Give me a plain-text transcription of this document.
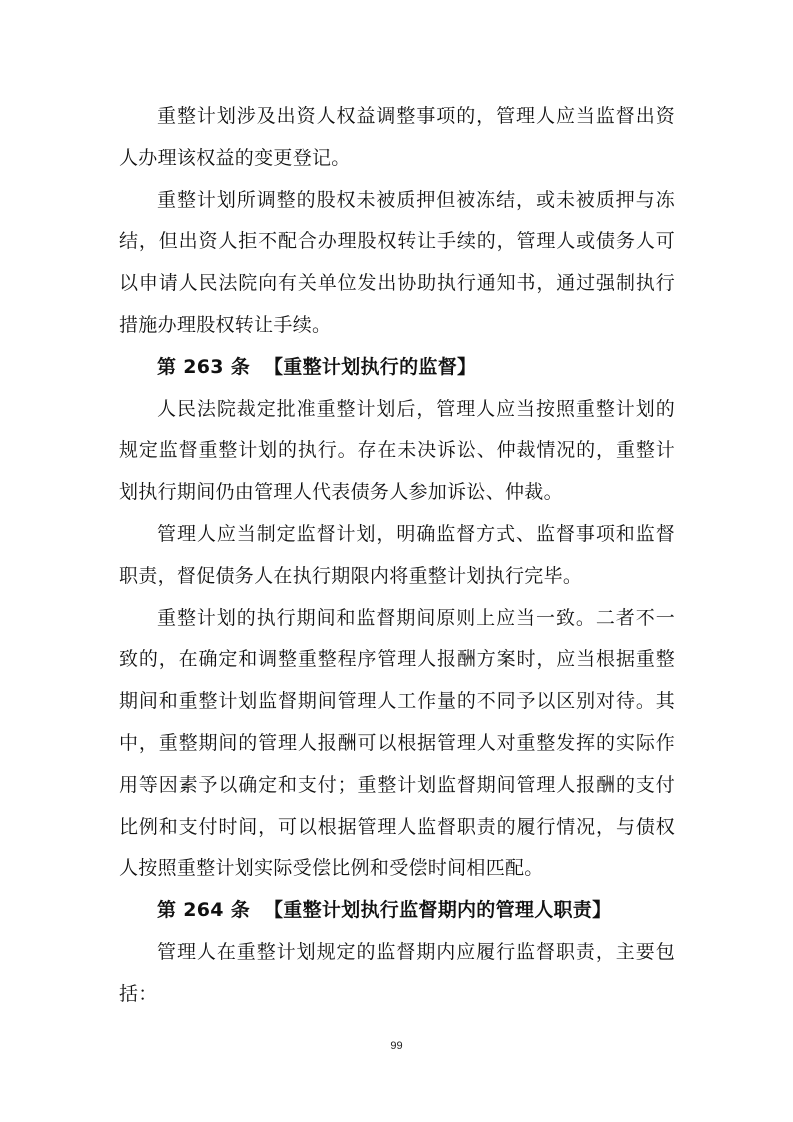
重整计划涉及出资人权益调整事项的，管理人应当监督出资人办理该权益的变更登记。

重整计划所调整的股权未被质押但被冻结，或未被质押与冻结，但出资人拒不配合办理股权转让手续的，管理人或债务人可以申请人民法院向有关单位发出协助执行通知书，通过强制执行措施办理股权转让手续。

第 263 条 【重整计划执行的监督】

人民法院裁定批准重整计划后，管理人应当按照重整计划的规定监督重整计划的执行。存在未决诉讼、仲裁情况的，重整计划执行期间仍由管理人代表债务人参加诉讼、仲裁。

管理人应当制定监督计划，明确监督方式、监督事项和监督职责，督促债务人在执行期限内将重整计划执行完毕。

重整计划的执行期间和监督期间原则上应当一致。二者不一致的，在确定和调整重整程序管理人报酬方案时，应当根据重整期间和重整计划监督期间管理人工作量的不同予以区别对待。其中，重整期间的管理人报酬可以根据管理人对重整发挥的实际作用等因素予以确定和支付；重整计划监督期间管理人报酬的支付比例和支付时间，可以根据管理人监督职责的履行情况，与债权人按照重整计划实际受偿比例和受偿时间相匹配。

第 264 条 【重整计划执行监督期内的管理人职责】

管理人在重整计划规定的监督期内应履行监督职责，主要包括：

99
